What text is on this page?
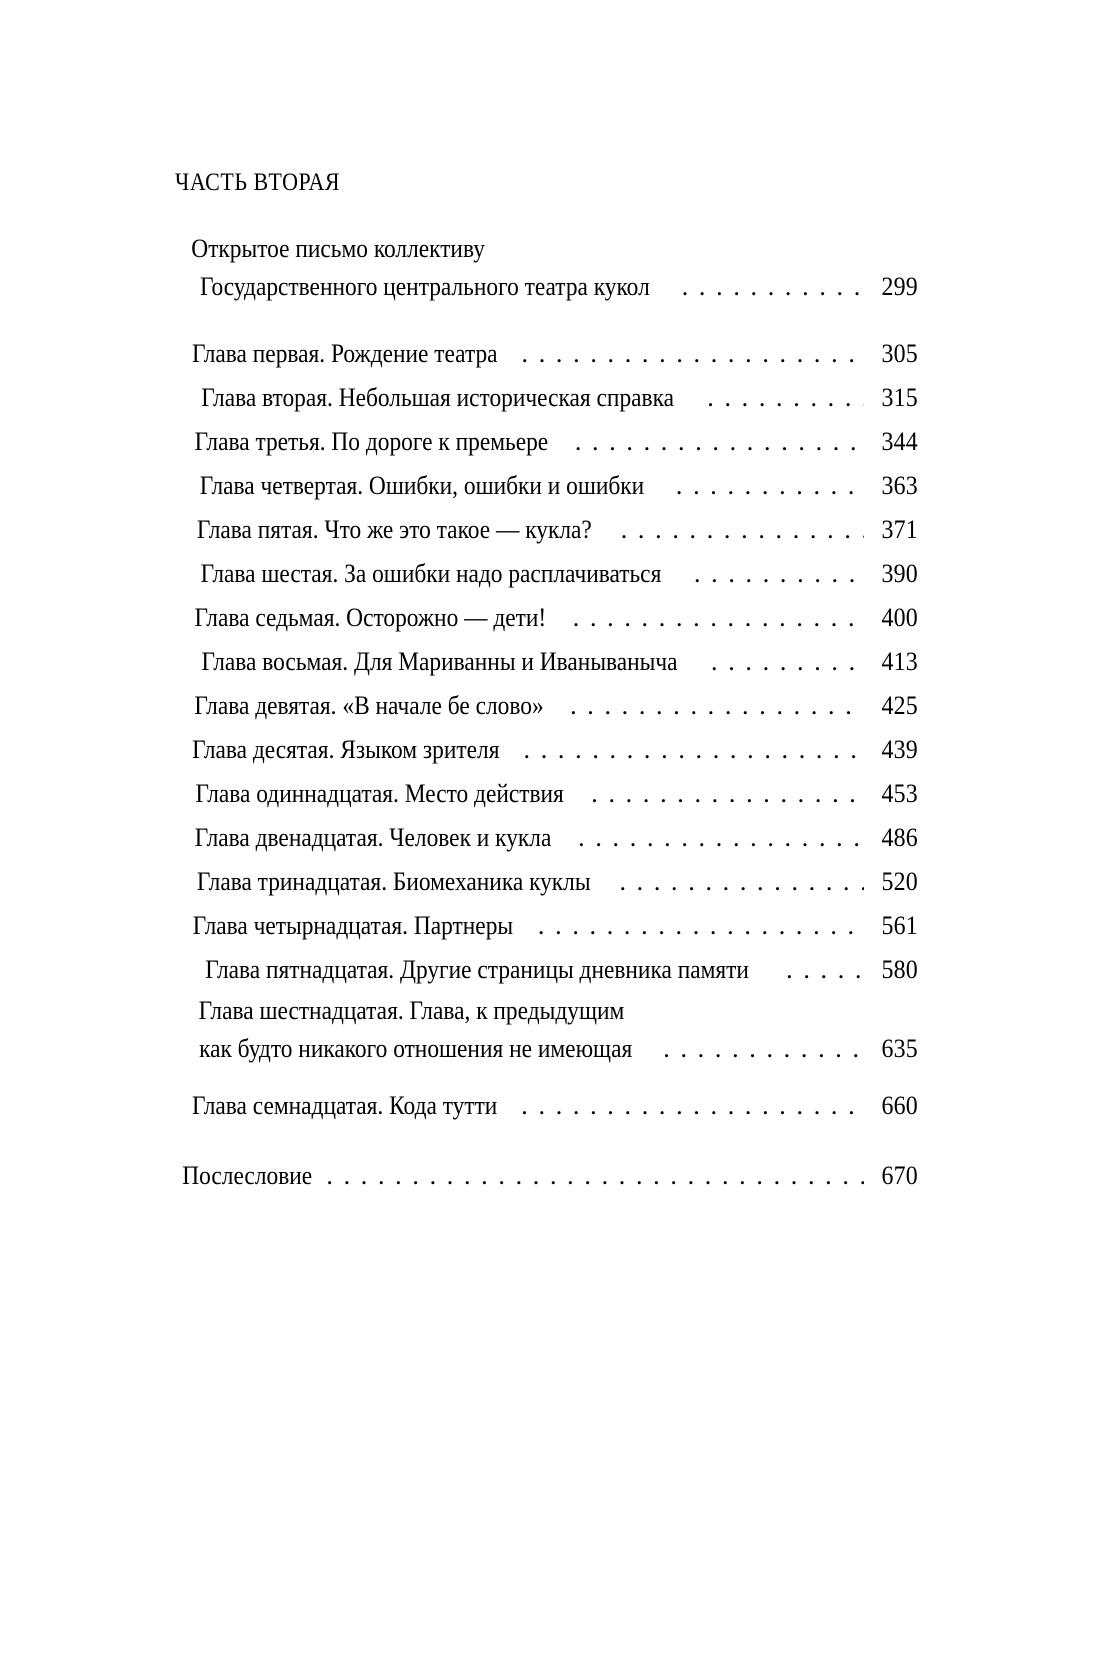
ЧАСТЬ ВТОРАЯ
Открытое письмо коллективу
Государственного центрального театра кукол . . .	299
Глава первая. Рождение театра . . .	305
Глава вторая. Небольшая историческая справка . . .	315
Глава третья. По дороге к премьере . . .	344
Глава четвертая. Ошибки, ошибки и ошибки . . .	363
Глава пятая. Что же это такое — кукла? . . .	371
Глава шестая. За ошибки надо расплачиваться . . .	390
Глава седьмая. Осторожно — дети! . . .	400
Глава восьмая. Для Мариванны и Иваныванычa . . .	413
Глава девятая. «В начале бе слово» . . .	425
Глава десятая. Языком зрителя . . .	439
Глава одиннадцатая. Место действия . . .	453
Глава двенадцатая. Человек и кукла . . .	486
Глава тринадцатая. Биомеханика куклы . . .	520
Глава четырнадцатая. Партнеры . . .	561
Глава пятнадцатая. Другие страницы дневника памяти . . .	580
Глава шестнадцатая. Глава, к предыдущим
как будто никакого отношения не имеющая . . .	635
Глава семнадцатая. Кода тутти . . .	660
Послесловие . . .	670
